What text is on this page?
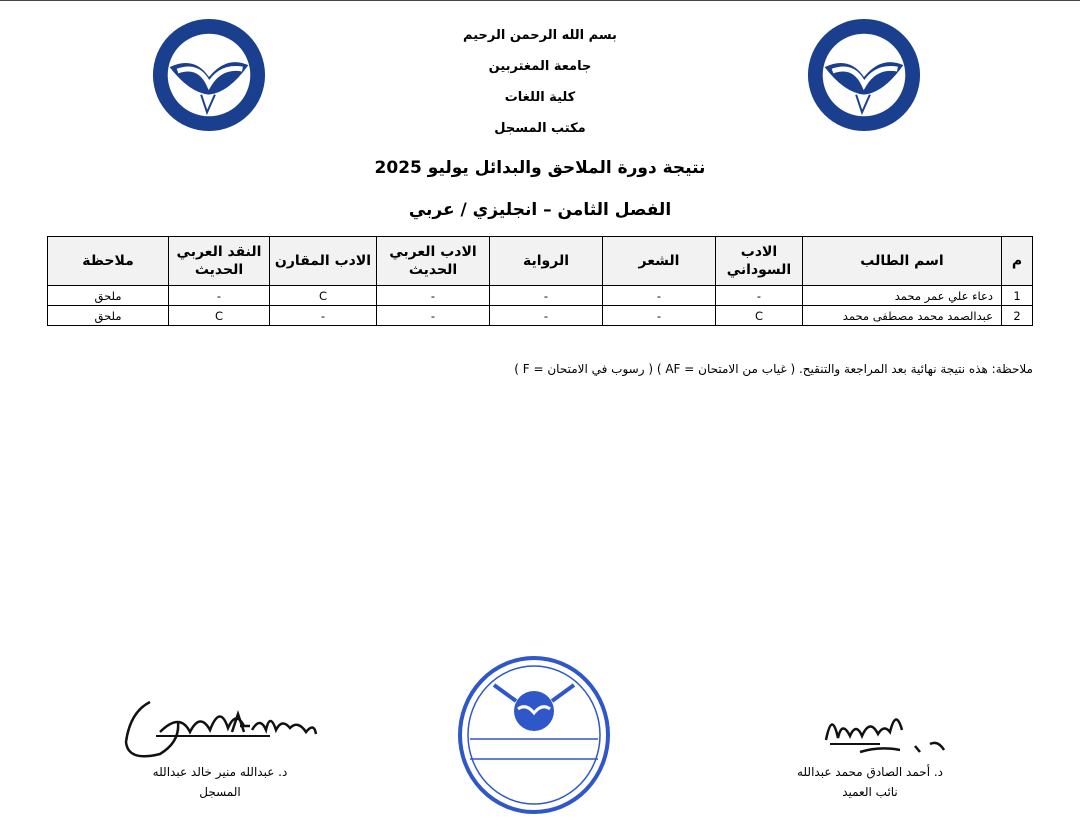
بسم الله الرحمن الرحيم
جامعة المغتربين
كلية اللغات
مكتب المسجل
نتيجة دورة الملاحق والبدائل يوليو 2025
الفصل الثامن – انجليزي / عربي
م	اسم الطالب	الادب السوداني	الشعر	الرواية	الادب العربي الحديث	الادب المقارن	النقد العربي الحديث	ملاحظة
1	دعاء علي عمر محمد	-	-	-	-	C	-	ملحق
2	عبدالصمد محمد مصطفى محمد	C	-	-	-	-	C	ملحق
ملاحظة: هذه نتيجة نهائية بعد المراجعة والتنقيح. ( غياب من الامتحان = AF ) ( رسوب في الامتحان = F )
د. أحمد الصادق محمد عبدالله
نائب العميد
د. عبدالله منير خالد عبدالله
المسجل
